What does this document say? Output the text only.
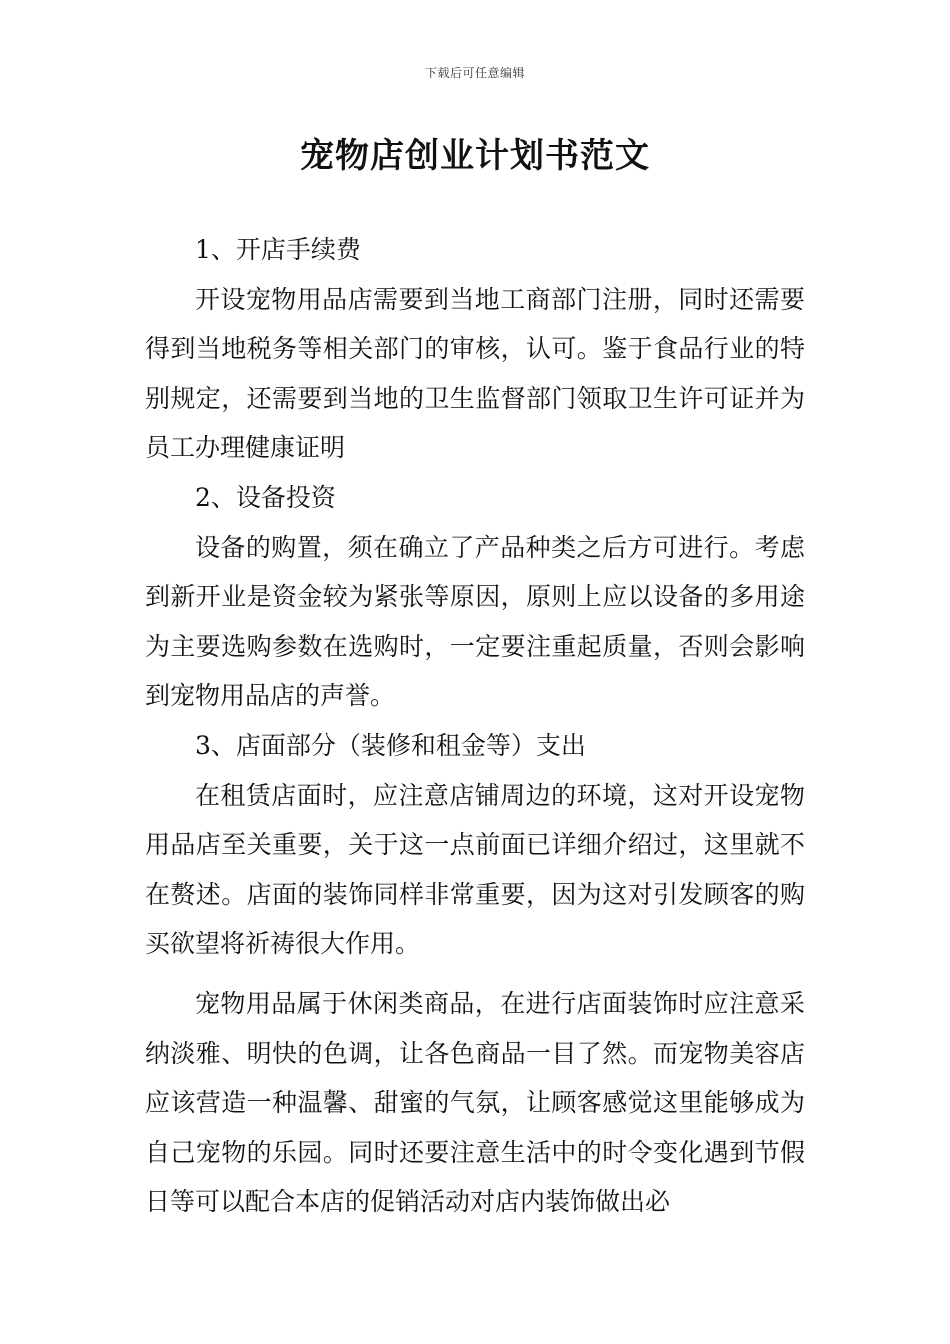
下载后可任意编辑
宠物店创业计划书范文

1、开店手续费

开设宠物用品店需要到当地工商部门注册，同时还需要得到当地税务等相关部门的审核，认可。鉴于食品行业的特别规定，还需要到当地的卫生监督部门领取卫生许可证并为员工办理健康证明

2、设备投资

设备的购置，须在确立了产品种类之后方可进行。考虑到新开业是资金较为紧张等原因，原则上应以设备的多用途为主要选购参数在选购时，一定要注重起质量，否则会影响到宠物用品店的声誉。

3、店面部分（装修和租金等）支出

在租赁店面时，应注意店铺周边的环境，这对开设宠物用品店至关重要，关于这一点前面已详细介绍过，这里就不在赘述。店面的装饰同样非常重要，因为这对引发顾客的购买欲望将祈祷很大作用。

宠物用品属于休闲类商品，在进行店面装饰时应注意采纳淡雅、明快的色调，让各色商品一目了然。而宠物美容店应该营造一种温馨、甜蜜的气氛，让顾客感觉这里能够成为自己宠物的乐园。同时还要注意生活中的时令变化遇到节假日等可以配合本店的促销活动对店内装饰做出必
